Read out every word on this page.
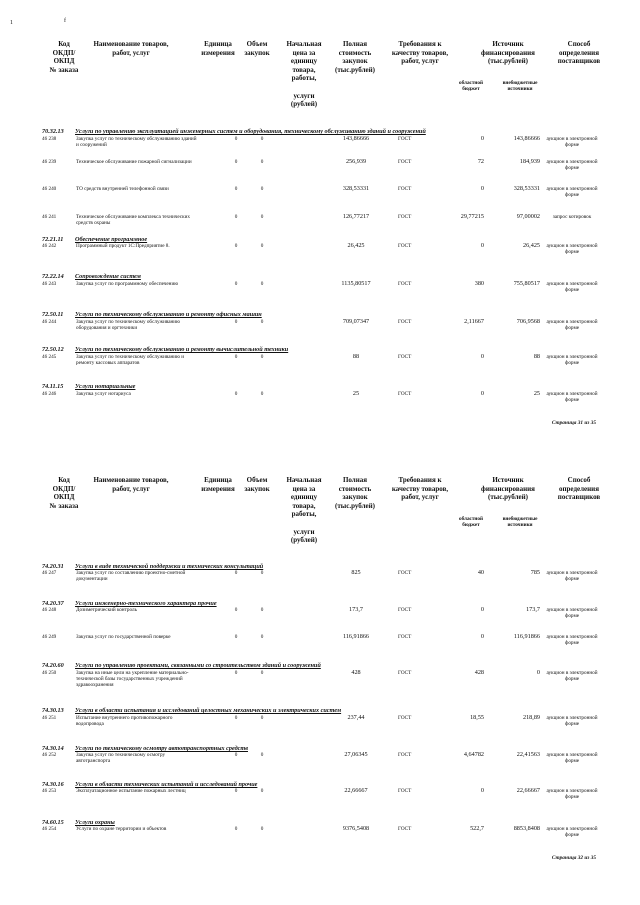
1	f
Код
ОКДП/
ОКПД
№ заказа
Наименование товаров,
работ, услуг
Единица
измерения
Объем
закупок
Начальная
цена за
единицу
товара,
работы,

услуги
(рублей)
Полная
стоимость
закупок
(тыс.рублей)
Требования к
качеству товаров,
работ, услуг
Источник
финансирования
(тыс.рублей)
Способ
определения
поставщиков
областной
бюджет
внебюджетные
источники
70.32.13 Услуги по управлению эксплуатацией инженерных систем и оборудования, техническому обслуживанию зданий и сооружений
46 238	Закупка услуг по техническому обслуживанию зданий и сооружений
0	0	143,86666	ГОСТ	0	143,86666 аукцион в электронной форме
46 239	Техническое обслуживание пожарной сигнализации	0	0	256,939	ГОСТ	72	184,939 аукцион в электронной форме
46 240	ТО средств внутренней телефонной связи	0	0	328,53331	ГОСТ	0	328,53331 аукцион в электронной форме
46 241	Техническое обслуживание комплекса технических средств охраны
0	0	126,77217	ГОСТ	29,77215	97,00002	запрос котировок
72.21.11 Обеспечение программное
46 242	Программный продукт 1С:Предприятие 8.	0	0	26,425	ГОСТ	0	26,425 аукцион в электронной форме
72.22.14 Сопровождение систем
46 243	Закупка услуг по программному обеспечению	0	0	1135,80517	ГОСТ	380	755,80517 аукцион в электронной форме
72.50.11 Услуги по техническому обслуживанию и ремонту офисных машин
46 244	Закупка услуг по техническому обслуживанию оборудования и оргтехники
0	0	709,07347	ГОСТ	2,11667	706,9568 аукцион в электронной форме
72.50.12 Услуги по техническому обслуживанию и ремонту вычислительной техники
46 245	Закупка услуг по техническому обслуживанию и ремонту кассовых аппаратов
0	0	88	ГОСТ	0	88 аукцион в электронной форме
74.11.15 Услуги нотариальные
46 246	Закупка услуг нотариуса	0	0	25	ГОСТ	0	25 аукцион в электронной форме
Страница 31 из 35
Код
ОКДП/
ОКПД
№ заказа
Наименование товаров,
работ, услуг
Единица
измерения
Объем
закупок
Начальная
цена за
единицу
товара,
работы,

услуги
(рублей)
Полная
стоимость
закупок
(тыс.рублей)
Требования к
качеству товаров,
работ, услуг
Источник
финансирования
(тыс.рублей)
Способ
определения
поставщиков
областной
бюджет
внебюджетные
источники
74.20.31 Услуги в виде технической поддержки и технических консультаций
46 247	Закупка услуг по составлению проектно-сметной документации
0	0	825	ГОСТ	40	785 аукцион в электронной форме
74.20.37 Услуги инженерно-технического характера прочие
46 248	Дозиметрический контроль	0	0	173,7	ГОСТ	0	173,7 аукцион в электронной форме
46 249	Закупка услуг по государственной поверке	0	0	116,91866	ГОСТ	0	116,91866 аукцион в электронной форме
74.20.60 Услуги по управлению проектами, связанными со строительством зданий и сооружений
46 250	Закупка на иные цели на укрепление материально-технической базы государственных учреждений здравоохранения
0	0	428	ГОСТ	428	0 аукцион в электронной форме
74.30.13 Услуги в области испытания и исследований целостных механических и электрических систем
46 251	Испытание внутреннего противопожарного водопровода
0	0	237,44	ГОСТ	18,55	218,89 аукцион в электронной форме
74.30.14 Услуги по техническому осмотру автотранспортных средств
46 252	Закупка услуг по техническому осмотру автотранспорта
0	0	27,06345	ГОСТ	4,64782	22,41563 аукцион в электронной форме
74.30.16 Услуги в области технических испытаний и исследований прочие
46 253	Эксплуатационное испытание пожарных лестниц	0	0	22,66667	ГОСТ	0	22,66667 аукцион в электронной форме
74.60.15 Услуги охраны
46 254	Услуги по охране территории и объектов	0	0	9376,5408	ГОСТ	522,7	8853,8408 аукцион в электронной форме
Страница 32 из 35
